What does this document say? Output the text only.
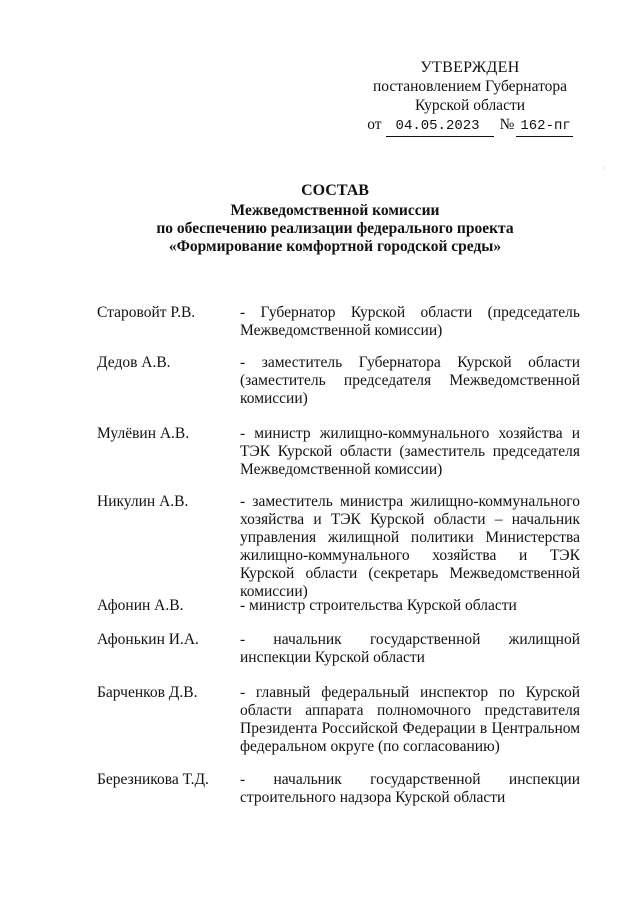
УТВЕРЖДЕН
постановлением Губернатора
Курской области
от	04.05.2023	№ 162-пг
·
СОСТАВ
Межведомственной комиссии
по обеспечению реализации федерального проекта
«Формирование комфортной городской среды»
Старовойт Р.В.	- Губернатор Курской области (председатель Межведомственной комиссии)
Дедов А.В.	- заместитель Губернатора Курской области (заместитель председателя Межведомственной комиссии)
Мулёвин А.В.	- министр жилищно-коммунального хозяйства и ТЭК Курской области (заместитель председателя Межведомственной комиссии)
Никулин А.В.	- заместитель министра жилищно-коммунального хозяйства и ТЭК Курской области – начальник управления жилищной политики Министерства жилищно-коммунального хозяйства и ТЭК Курской области (секретарь Межведомственной комиссии)
Афонин А.В.	- министр строительства Курской области
Афонькин И.А.	- начальник государственной жилищной инспекции Курской области
Барченков Д.В.	- главный федеральный инспектор по Курской области аппарата полномочного представителя Президента Российской Федерации в Центральном федеральном округе (по согласованию)
Березникова Т.Д.	- начальник государственной инспекции строительного надзора Курской области
